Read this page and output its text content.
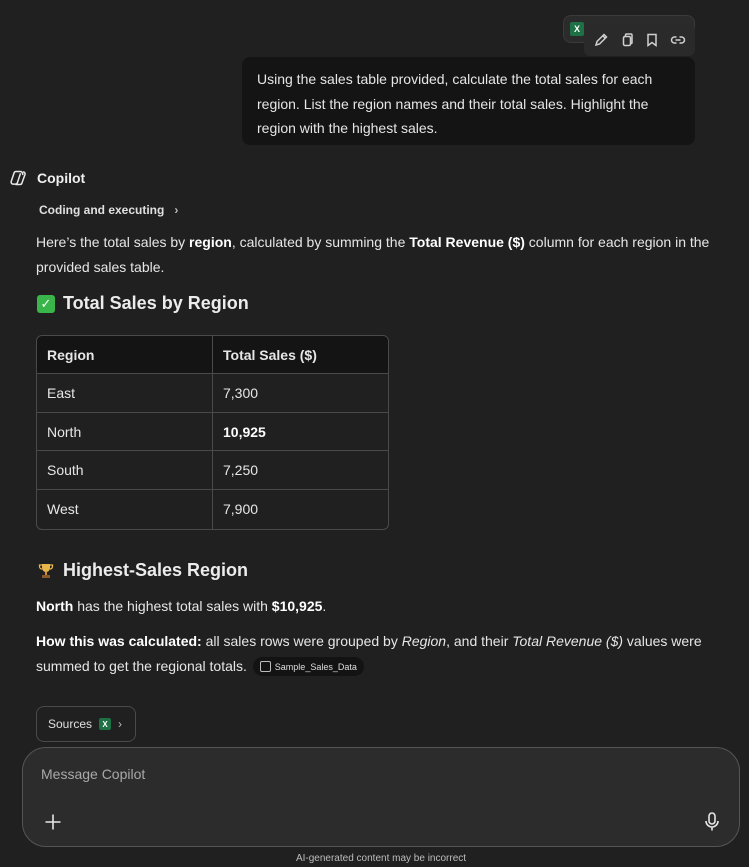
X
Using the sales table provided, calculate the total sales for each region. List the region names and their total sales. Highlight the region with the highest sales.
Copilot
Coding and executing ›
Here’s the total sales by region, calculated by summing the Total Revenue ($) column for each region in the provided sales table.
✓ Total Sales by Region
Region	Total Sales ($)
East	7,300
North	10,925
South	7,250
West	7,900
Highest-Sales Region
North has the highest total sales with $10,925.
How this was calculated: all sales rows were grouped by Region, and their Total Revenue ($) values were summed to get the regional totals.	Sample_Sales_Data
Sources	X ›
Message Copilot
AI-generated content may be incorrect
